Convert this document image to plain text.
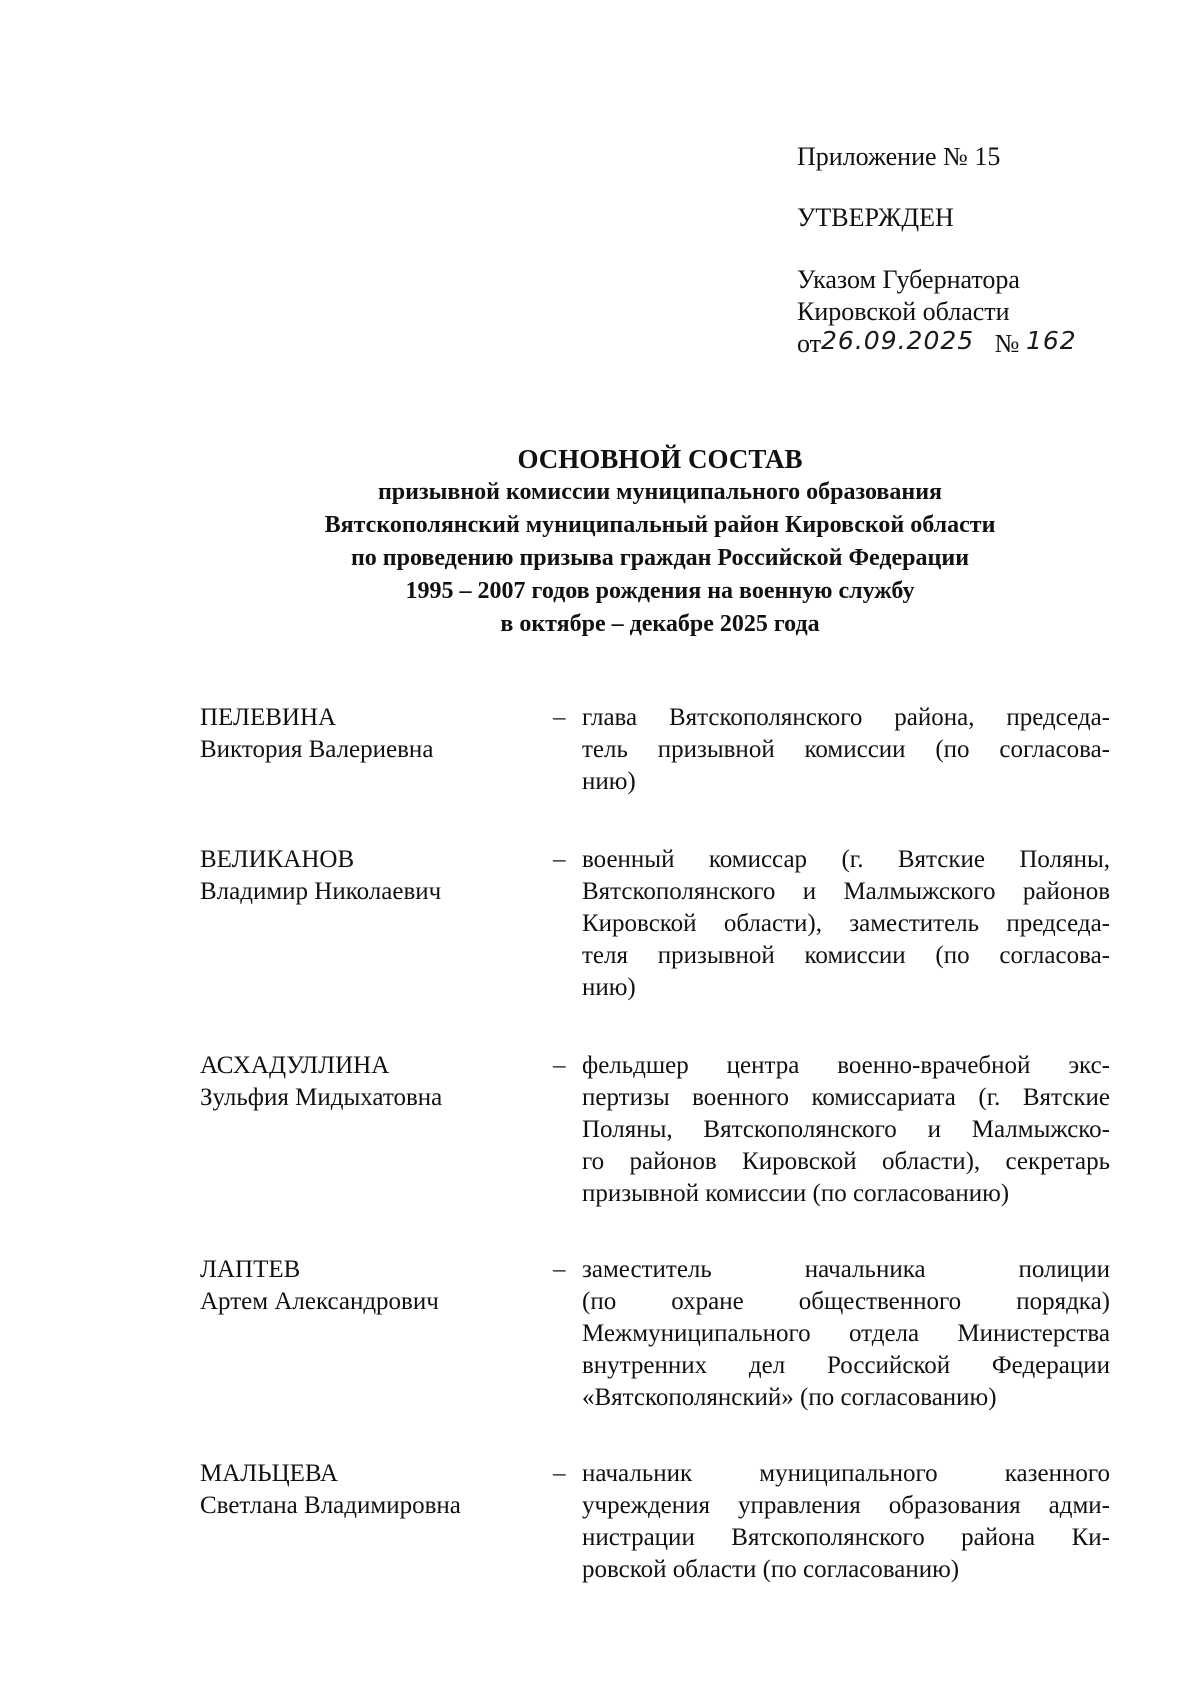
Приложение № 15
УТВЕРЖДЕН
Указом Губернатора
Кировской области
от26.09.2025 № 162
ОСНОВНОЙ СОСТАВ
призывной комиссии муниципального образования
Вятскополянский муниципальный район Кировской области
по проведению призыва граждан Российской Федерации
1995 – 2007 годов рождения на военную службу
в октябре – декабре 2025 года
ПЕЛЕВИНА
Виктория Валериевна
– глава Вятскополянского района, председа-
тель призывной комиссии (по согласова-
нию)
ВЕЛИКАНОВ
Владимир Николаевич
– военный комиссар (г. Вятские Поляны,
Вятскополянского и Малмыжского районов
Кировской области), заместитель председа-
теля призывной комиссии (по согласова-
нию)
АСХАДУЛЛИНА
Зульфия Мидыхатовна
– фельдшер центра военно-врачебной экс-
пертизы военного комиссариата (г. Вятские
Поляны, Вятскополянского и Малмыжско-
го районов Кировской области), секретарь
призывной комиссии (по согласованию)
ЛАПТЕВ
Артем Александрович
– заместитель начальника полиции
(по охране общественного порядка)
Межмуниципального отдела Министерства
внутренних дел Российской Федерации
«Вятскополянский» (по согласованию)
МАЛЬЦЕВА
Светлана Владимировна
– начальник муниципального казенного
учреждения управления образования адми-
нистрации Вятскополянского района Ки-
ровской области (по согласованию)
